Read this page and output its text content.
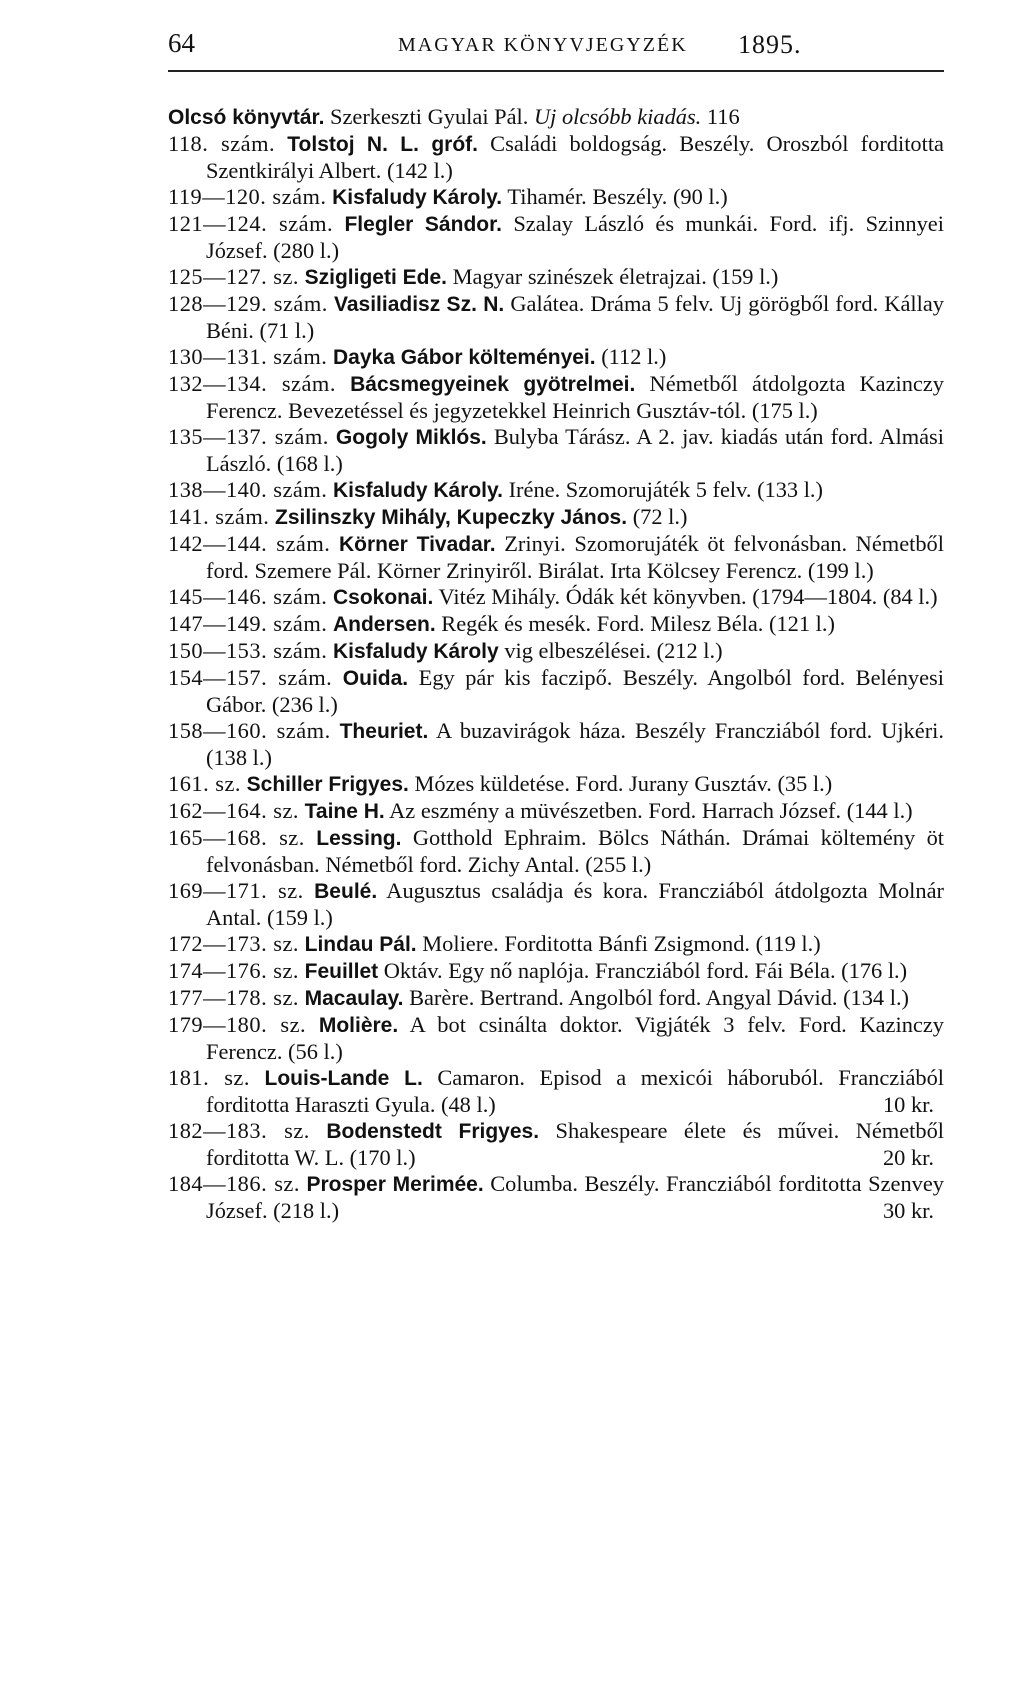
64	MAGYAR KÖNYVJEGYZÉK 1895.

Olcsó könyvtár. Szerkeszti Gyulai Pál. Uj olcsóbb kiadás. 116

118. szám. Tolstoj N. L. gróf. Családi boldogság. Beszély. Oroszból forditotta Szentkirályi Albert. (142 l.)

119—120. szám. Kisfaludy Károly. Tihamér. Beszély. (90 l.)

121—124. szám. Flegler Sándor. Szalay László és munkái. Ford. ifj. Szinnyei József. (280 l.)

125—127. sz. Szigligeti Ede. Magyar szinészek életrajzai. (159 l.)

128—129. szám. Vasiliadisz Sz. N. Galátea. Dráma 5 felv. Uj görögből ford. Kállay Béni. (71 l.)

130—131. szám. Dayka Gábor költeményei. (112 l.)

132—134. szám. Bácsmegyeinek gyötrelmei. Németből átdolgozta Kazinczy Ferencz. Bevezetéssel és jegyzetekkel Heinrich Gusztáv-tól. (175 l.)

135—137. szám. Gogoly Miklós. Bulyba Tárász. A 2. jav. kiadás után ford. Almási László. (168 l.)

138—140. szám. Kisfaludy Károly. Iréne. Szomorujáték 5 felv. (133 l.)

141. szám. Zsilinszky Mihály, Kupeczky János. (72 l.)

142—144. szám. Körner Tivadar. Zrinyi. Szomorujáték öt felvonásban. Németből ford. Szemere Pál. Körner Zrinyiről. Birálat. Irta Kölcsey Ferencz. (199 l.)

145—146. szám. Csokonai. Vitéz Mihály. Ódák két könyvben. (1794—1804. (84 l.)

147—149. szám. Andersen. Regék és mesék. Ford. Milesz Béla. (121 l.)

150—153. szám. Kisfaludy Károly vig elbeszélései. (212 l.)

154—157. szám. Ouida. Egy pár kis faczipő. Beszély. Angolból ford. Belényesi Gábor. (236 l.)

158—160. szám. Theuriet. A buzavirágok háza. Beszély Francziából ford. Ujkéri. (138 l.)

161. sz. Schiller Frigyes. Mózes küldetése. Ford. Jurany Gusztáv. (35 l.)

162—164. sz. Taine H. Az eszmény a müvészetben. Ford. Harrach József. (144 l.)

165—168. sz. Lessing. Gotthold Ephraim. Bölcs Náthán. Drámai költemény öt felvonásban. Németből ford. Zichy Antal. (255 l.)

169—171. sz. Beulé. Augusztus családja és kora. Francziából átdolgozta Molnár Antal. (159 l.)

172—173. sz. Lindau Pál. Moliere. Forditotta Bánfi Zsigmond. (119 l.)

174—176. sz. Feuillet Oktáv. Egy nő naplója. Francziából ford. Fái Béla. (176 l.)

177—178. sz. Macaulay. Barère. Bertrand. Angolból ford. Angyal Dávid. (134 l.)

179—180. sz. Molière. A bot csinálta doktor. Vigjáték 3 felv. Ford. Kazinczy Ferencz. (56 l.)

181. sz. Louis-Lande L. Camaron. Episod a mexicói háboruból. Francziából forditotta Haraszti Gyula. (48 l.)	10 kr.

182—183. sz. Bodenstedt Frigyes. Shakespeare élete és művei. Németből forditotta W. L. (170 l.)	20 kr.

184—186. sz. Prosper Merimée. Columba. Beszély. Francziából forditotta Szenvey József. (218 l.)	30 kr.
